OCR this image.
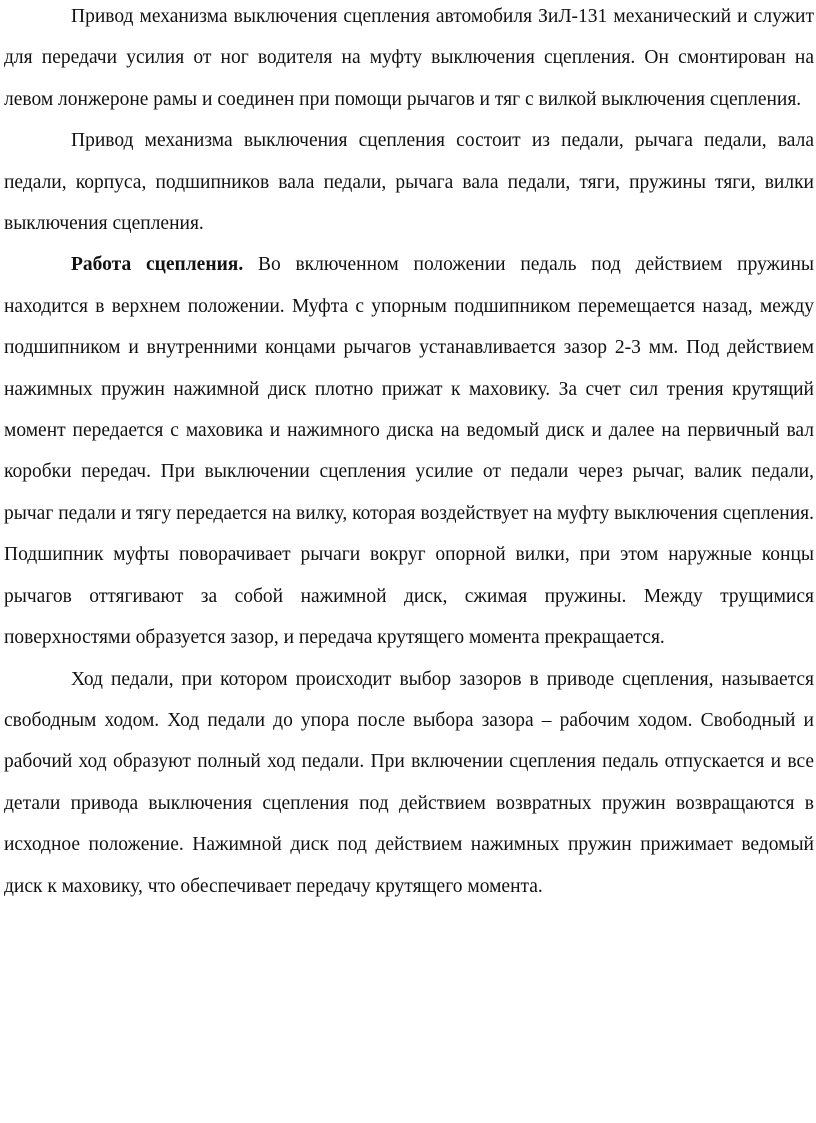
Привод механизма выключения сцепления автомобиля ЗиЛ-131 механический и служит для передачи усилия от ног водителя на муфту выключения сцепления. Он смонтирован на левом лонжероне рамы и соединен при помощи рычагов и тяг с вилкой выключения сцепления.

Привод механизма выключения сцепления состоит из педали, рычага педали, вала педали, корпуса, подшипников вала педали, рычага вала педали, тяги, пружины тяги, вилки выключения сцепления.

Работа сцепления. Во включенном положении педаль под действием пружины находится в верхнем положении. Муфта с упорным подшипником перемещается назад, между подшипником и внутренними концами рычагов устанавливается зазор 2-3 мм. Под действием нажимных пружин нажимной диск плотно прижат к маховику. За счет сил трения крутящий момент передается с маховика и нажимного диска на ведомый диск и далее на первичный вал коробки передач. При выключении сцепления усилие от педали через рычаг, валик педали, рычаг педали и тягу передается на вилку, которая воздействует на муфту выключения сцепления. Подшипник муфты поворачивает рычаги вокруг опорной вилки, при этом наружные концы рычагов оттягивают за собой нажимной диск, сжимая пружины. Между трущимися поверхностями образуется зазор, и передача крутящего момента прекращается.

Ход педали, при котором происходит выбор зазоров в приводе сцепления, называется свободным ходом. Ход педали до упора после выбора зазора – рабочим ходом. Свободный и рабочий ход образуют полный ход педали. При включении сцепления педаль отпускается и все детали привода выключения сцепления под действием возвратных пружин возвращаются в исходное положение. Нажимной диск под действием нажимных пружин прижимает ведомый диск к маховику, что обеспечивает передачу крутящего момента.
